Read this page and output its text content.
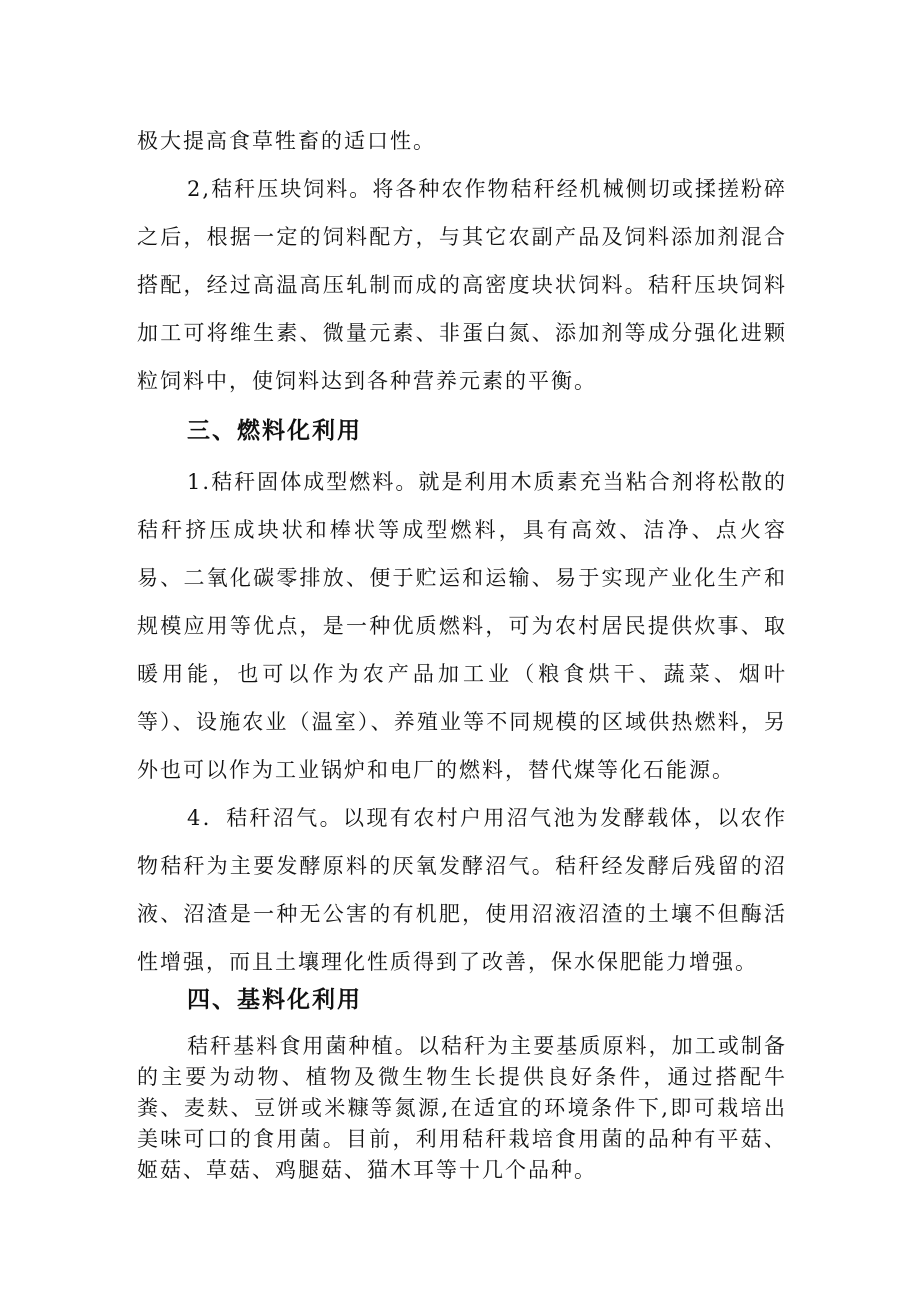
极大提高食草牲畜的适口性。

2,秸秆压块饲料。将各种农作物秸秆经机械侧切或揉搓粉碎之后，根据一定的饲料配方，与其它农副产品及饲料添加剂混合搭配，经过高温高压轧制而成的高密度块状饲料。秸秆压块饲料加工可将维生素、微量元素、非蛋白氮、添加剂等成分强化进颗粒饲料中，使饲料达到各种营养元素的平衡。

三、燃料化利用

1.秸秆固体成型燃料。就是利用木质素充当粘合剂将松散的秸秆挤压成块状和棒状等成型燃料，具有高效、洁净、点火容易、二氧化碳零排放、便于贮运和运输、易于实现产业化生产和规模应用等优点，是一种优质燃料，可为农村居民提供炊事、取暖用能，也可以作为农产品加工业（粮食烘干、蔬菜、烟叶等）、设施农业（温室）、养殖业等不同规模的区域供热燃料，另外也可以作为工业锅炉和电厂的燃料，替代煤等化石能源。

4．秸秆沼气。以现有农村户用沼气池为发酵载体，以农作物秸秆为主要发酵原料的厌氧发酵沼气。秸秆经发酵后残留的沼液、沼渣是一种无公害的有机肥，使用沼液沼渣的土壤不但酶活性增强，而且土壤理化性质得到了改善，保水保肥能力增强。

四、基料化利用

秸秆基料食用菌种植。以秸秆为主要基质原料，加工或制备的主要为动物、植物及微生物生长提供良好条件，通过搭配牛粪、麦麸、豆饼或米糠等氮源,在适宜的环境条件下,即可栽培出美味可口的食用菌。目前，利用秸秆栽培食用菌的品种有平菇、姬菇、草菇、鸡腿菇、猫木耳等十几个品种。
